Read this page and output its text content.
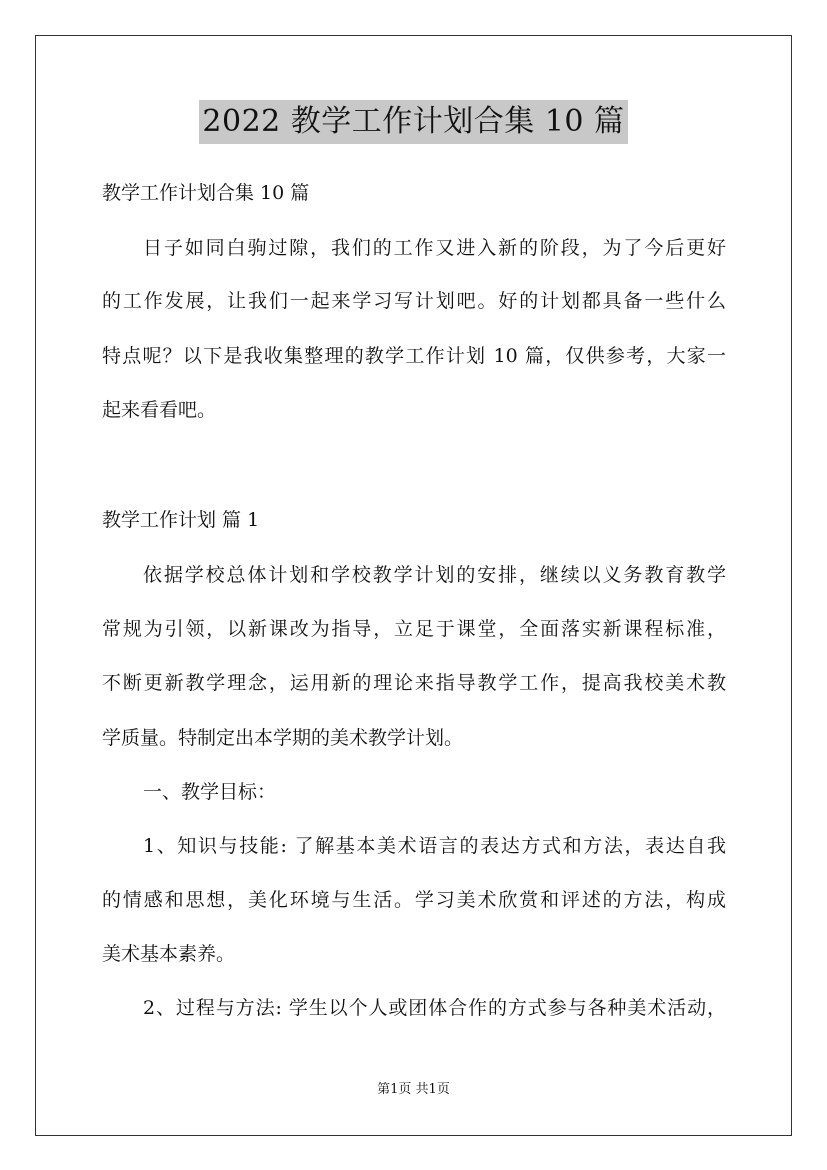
2022 教学工作计划合集 10 篇
教学工作计划合集 10 篇
日子如同白驹过隙，我们的工作又进入新的阶段，为了今后更好
的工作发展，让我们一起来学习写计划吧。好的计划都具备一些什么
特点呢？以下是我收集整理的教学工作计划 10 篇，仅供参考，大家一
起来看看吧。
教学工作计划 篇 1
依据学校总体计划和学校教学计划的安排，继续以义务教育教学
常规为引领，以新课改为指导，立足于课堂，全面落实新课程标准，
不断更新教学理念，运用新的理论来指导教学工作，提高我校美术教
学质量。特制定出本学期的美术教学计划。
一、教学目标：
1、知识与技能: 了解基本美术语言的表达方式和方法，表达自我
的情感和思想，美化环境与生活。学习美术欣赏和评述的方法，构成
美术基本素养。
2、过程与方法: 学生以个人或团体合作的方式参与各种美术活动，
第1页 共1页
